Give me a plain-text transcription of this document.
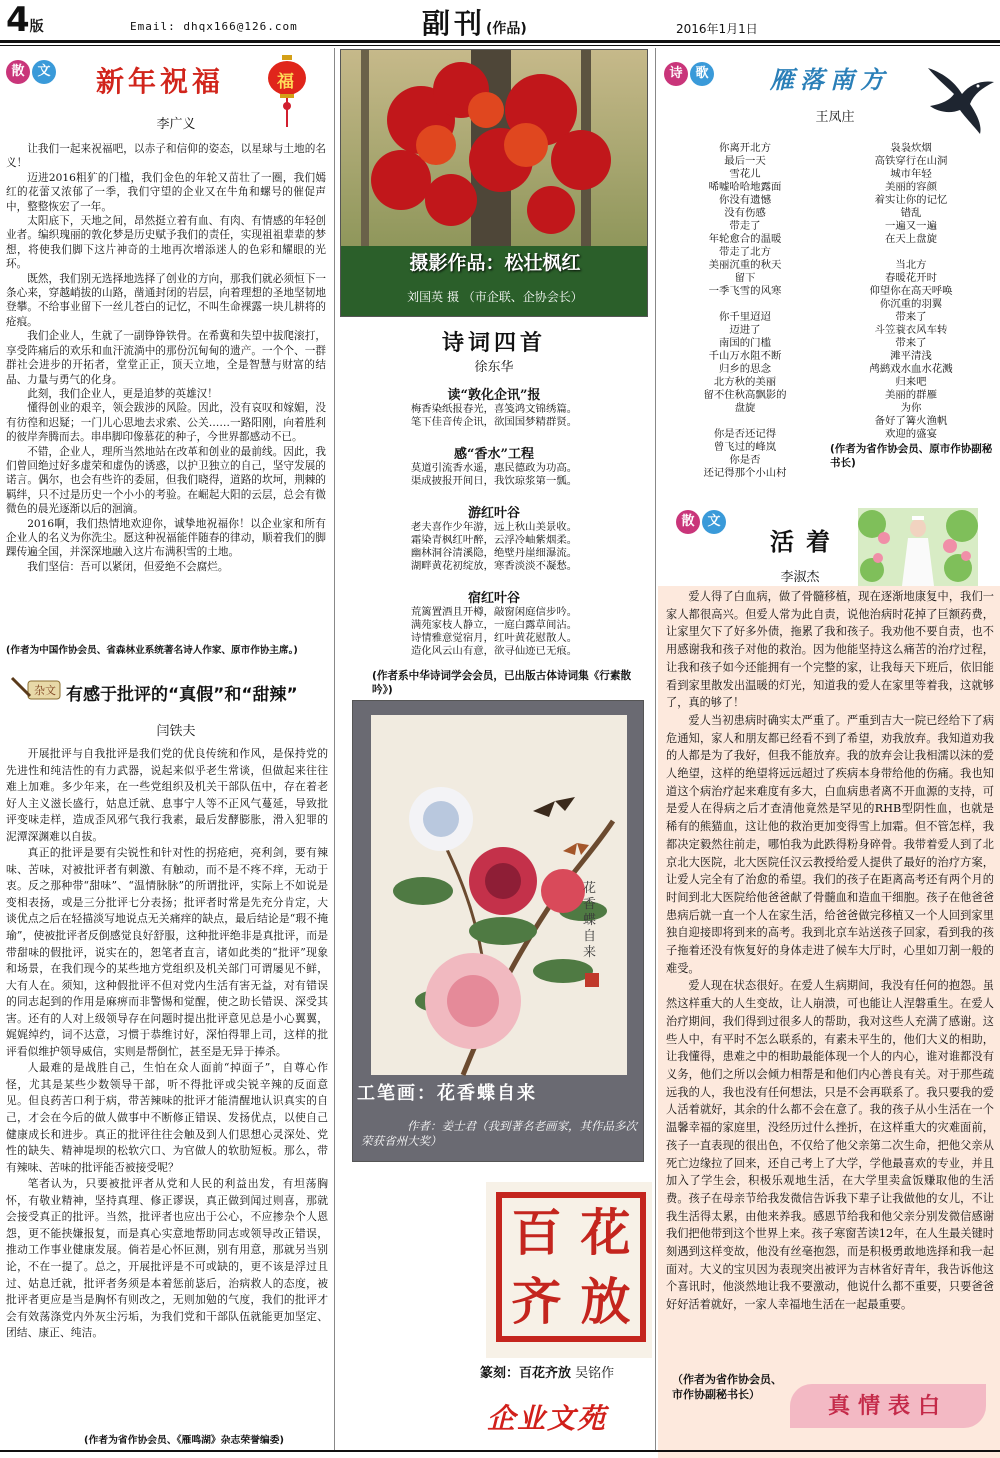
4版	Email: dhqx166@126.com	副刊(作品)	2016年1月1日
散 文 新年祝福	福
李广义

让我们一起来祝福吧，以赤子和信仰的姿态，以星球与土地的名义！

迈进2016粗犷的门槛，我们金色的年轮又苗壮了一圈，我们嫣红的花蕾又浓郁了一季，我们守望的企业又在牛角和螺号的催促声中，整整恢宏了一年。

太阳底下，天地之间，昂然挺立着有血、有肉、有情感的年轻创业者。编织瑰丽的敦化梦是历史赋予我们的责任，实现祖祖辈辈的梦想，将使我们脚下这片神奇的土地再次增添迷人的色彩和耀眼的光环。

既然，我们别无选择地选择了创业的方向，那我们就必须恒下一条心来，穿越峭拔的山路，凿通封闭的岩层，向着理想的圣地坚韧地登攀。不给事业留下一丝儿苍白的记忆，不叫生命裸露一块儿耕将的疮痕。

我们企业人，生就了一副铮铮铁骨。在希冀和失望中拔爬滚打，享受阵痛后的欢乐和血汗流淌中的那份沉甸甸的遗产。一个个、一群群社会进步的开拓者，堂堂正正，顶天立地，全是智慧与财富的结晶、力量与勇气的化身。

此刻，我们企业人，更是追梦的英雄汉！

懂得创业的艰辛，领会跋涉的风险。因此，没有哀叹和嫁媚，没有彷徨和迟疑；一门儿心思地去求索、公关……一路阳刚，向着胜利的彼岸奔腾而去。串串脚印像慕花的种子，今世界都感动不已。

不错，企业人，理所当然地站在改革和创业的最前线。因此，我们曾回绝过好多虚荣和虚伪的诱惑，以护卫独立的自己，坚守发展的诺言。偶尔，也会有些许的委屈，但我们晓得，道路的坎坷，荆棘的羁绊，只不过是历史一个小小的考验。在崛起大阳的云层，总会有微微色的晨光逐渐以后的洄滴。

2016啊，我们热情地欢迎你，诚挚地祝福你！以企业家和所有企业人的名义为你洗尘。愿这种祝福能伴随春的律动，顺着我们的脚踝传遍全国，并深深地融入这片布满积雪的土地。

我们坚信：吾可以紧闭，但爱绝不会腐烂。

(作者为中国作协会员、省森林业系统著名诗人作家、原市作协主席。)
杂文 有感于批评的“真假”和“甜辣”
闫铁夫

开展批评与自我批评是我们党的优良传统和作风，是保持党的先进性和纯洁性的有力武器，说起来似乎老生常谈，但做起来往往难上加难。多少年来，在一些党组织及机关干部队伍中，存在着老好人主义滋长盛行，姑息迁就、息事宁人等不正风气蔓延，导致批评变味走样，造成歪风邪气我行我素，最后发酵膨胀，滑入犯罪的泥潭深渊难以自拔。

真正的批评是要有尖锐性和针对性的拐疮疤，亮利剑，要有辣味、苦味，对被批评者有刺激、有触动，而不是不疼不痒，无动于衷。反之那种带“甜味”、“温情脉脉”的所谓批评，实际上不如说是变相表扬，或是三分批评七分表扬；批评者时常是先充分肯定，大谈优点之后在轻描淡写地说点无关痛痒的缺点，最后结论是“瑕不掩瑜”，使被批评者反倒感觉良好舒服，这种批评绝非是真批评，而是带甜味的假批评，说实在的，恕笔者直言，诸如此类的“批评”现象和场景，在我们现今的某些地方党组织及机关部门可谓屡见不鲜，大有人在。须知，这种假批评不但对党内生活有害无益，对有错误的同志起到的作用是麻痹而非警惕和觉醒，使之助长错误、深受其害。还有的人对上级领导存在问题时提出批评意见总是小心翼翼，娓娓绰约，词不达意，习惯于恭维讨好，深怕得罪上司，这样的批评看似维护领导威信，实则是帮倒忙，甚至是无异于捧杀。

人最难的是战胜自己，生怕在众人面前“掉面子”，自尊心作怪，尤其是某些少数领导干部，听不得批评或尖锐辛辣的反面意见。但良药苦口利于病，带苦辣味的批评才能清醒地认识真实的自己，才会在今后的做人做事中不断修正错误、发扬优点，以使自己健康成长和进步。真正的批评往往会触及到人们思想心灵深处、党性的缺失、精神堤坝的松软穴口、为官做人的软肋短板。那么，带有辣味、苦味的批评能否被接受呢？

笔者认为，只要被批评者从党和人民的利益出发，有坦荡胸怀，有敬业精神，坚持真理、修正谬误，真正做到闻过则喜，那就会接受真正的批评。当然，批评者也应出于公心，不应掺杂个人恩怨，更不能挟嫌报复，而是真心实意地帮助同志或领导改正错误，推动工作事业健康发展。倘若是心怀叵测，别有用意，那就另当别论，不在一提了。总之，开展批评是不可或缺的，更不该是浮过且过、姑息迁就，批评者务须是本着惩前毖后，治病救人的态度，被批评者更应是当是胸怀有则改之，无则加勉的气度，我们的批评才会有效荡涤党内外灰尘污垢，为我们党和干部队伍就能更加坚定、团结、康正、纯洁。

(作者为省作协会员、《雁鸣湖》杂志荣誉编委)
摄影作品：松壮枫红
刘国英 摄 （市企联、企协会长）
诗词四首
徐东华
读“敦化企讯”报
梅香染纸报春光，喜笺鸿文锦绣篇。
笔下佳音传企讯，欲国国梦精群贤。
感“香水”工程
莫道引流香水遥，惠民德政为功高。
渠成披报开间日，我饮琼浆第一瓢。
游红叶谷
老夫喜作少年游，远上秋山美景收。
霜染青枫红叶醉，云浮冷岫紫烟柔。
幽林洞谷清溪隐，绝壁丹崖细瀑流。
湖畔黄花初绽放，寒香淡淡不凝愁。
宿红叶谷
荒篱置酒且开樽，敲窗闲庭信步吟。
满苑家枝人静立，一庭白露草间沾。
诗情雅意觉宿月，红叶黄花慰散人。
造化风云山有意，欲寻仙迹已无痕。
(作者系中华诗词学会会员，已出版古体诗词集《行素散吟》)
花香蝶自来
工笔画：花香蝶自来
作者：姜士君（我到著名老画家，其作品多次荣获省州大奖）
百 花
齐 放
篆刻：百花齐放 吴铭作
企业文苑
诗 歌	雁落南方
王凤庄
你离开北方
最后一天
雪花儿
唏嘘哈哈地露面
你没有遗憾
没有伤感
带走了
年轮愈合的温暖
带走了北方
美丽沉重的秋天
留下
一季飞雪的风寒
你千里迢迢
迈进了
南国的门槛
千山万水阻不断
归乡的思念
北方秋的美丽
留不住秋高飘影的
盘旋
你是否还记得
曾飞过的峰岚
你是否
还记得那个小山村
袅袅炊烟
高铁穿行在山洞
城市年轻
美丽的容颜
着实让你的记忆
错乱
一遍又一遍
在天上盘旋
当北方
春暖花开时
仰望你在高天呼唤
你沉重的羽翼
带来了
斗笠蓑衣风车转
带来了
滩平清浅
鸬鹚戏水血水花溅
归来吧
美丽的群雁
为你
备好了篝火渔帆
欢迎的盛宴
(作者为省作协会员、原市作协副秘书长)
散 文
活着
李淑杰

爱人得了白血病，做了骨髓移植，现在逐渐地康复中，我们一家人都很高兴。但爱人常为此自责，说他治病时花掉了巨额药费，让家里欠下了好多外债，拖累了我和孩子。我劝他不要自责，也不用感谢我和孩子对他的救治。因为他能坚持这么痛苦的治疗过程，让我和孩子如今还能拥有一个完整的家，让我每天下班后，依旧能看到家里散发出温暖的灯光，知道我的爱人在家里等着我，这就够了，真的够了！

爱人当初患病时确实太严重了。严重到吉大一院已经给下了病危通知，家人和朋友都已经看不到了希望，劝我放弃。我知道劝我的人都是为了我好，但我不能放弃。我的放弃会让我相濡以沫的爱人绝望，这样的绝望将远远超过了疾病本身带给他的伤痛。我也知道这个病治疗起来难度有多大，白血病患者离不开血源的支持，可是爱人在得病之后才查清他竟然是罕见的RHB型阴性血，也就是稀有的熊猫血，这让他的救治更加变得雪上加霜。但不管怎样，我都决定毅然往前走，哪怕我为此跌得粉身碎骨。我带着爱人到了北京北大医院，北大医院任汉云教授给爱人提供了最好的治疗方案，让爱人完全有了治愈的希望。我们的孩子在距离高考还有两个月的时间到北大医院给他爸爸献了骨髓血和造血干细胞。孩子在他爸爸患病后就一直一个人在家生活，给爸爸做完移植又一个人回到家里独自迎接即将到来的高考。我到北京车站送孩子回家，看到我的孩子拖着还没有恢复好的身体走进了候车大厅时，心里如刀割一般的难受。

爱人现在状态很好。在爱人生病期间，我没有任何的抱怨。虽然这样重大的人生变故，让人崩溃，可也能让人涅磐重生。在爱人治疗期间，我们得到过很多人的帮助，我对这些人充满了感谢。这些人中，有平时不怎么联系的，有素未平生的，他们大义的相助，让我懂得，患难之中的相助最能体现一个人的内心，谁对谁都没有义务，他们之所以会倾力相帮是和他们内心善良有关。对于那些疏远我的人，我也没有任何想法，只是不会再联系了。我只要我的爱人活着就好，其余的什么都不会在意了。我的孩子从小生活在一个温馨幸福的家庭里，没经历过什么挫折，在这样重大的灾难面前，孩子一直表现的很出色，不仅给了他父亲第二次生命，把他父亲从死亡边缘拉了回来，还自己考上了大学，学他最喜欢的专业，并且加入了学生会，积极乐观地生活，在大学里卖盒饭赚取他的生活费。孩子在母亲节给我发微信告诉我下辈子让我做他的女儿，不让我生活得太累，由他来养我。感恩节给我和他父亲分别发微信感谢我们把他带到这个世界上来。孩子寒窗苦读12年，在人生最关键时刻遇到这样变故，他没有丝毫抱怨，而是积极勇敢地选择和我一起面对。大义的宝贝因为表现突出被评为吉林省好青年，我告诉他这个喜讯时，他淡然地让我不要激动，他说什么都不重要，只要爸爸好好活着就好，一家人幸福地生活在一起最重要。

（作者为省作协会员、市作协副秘书长）	真情表白
